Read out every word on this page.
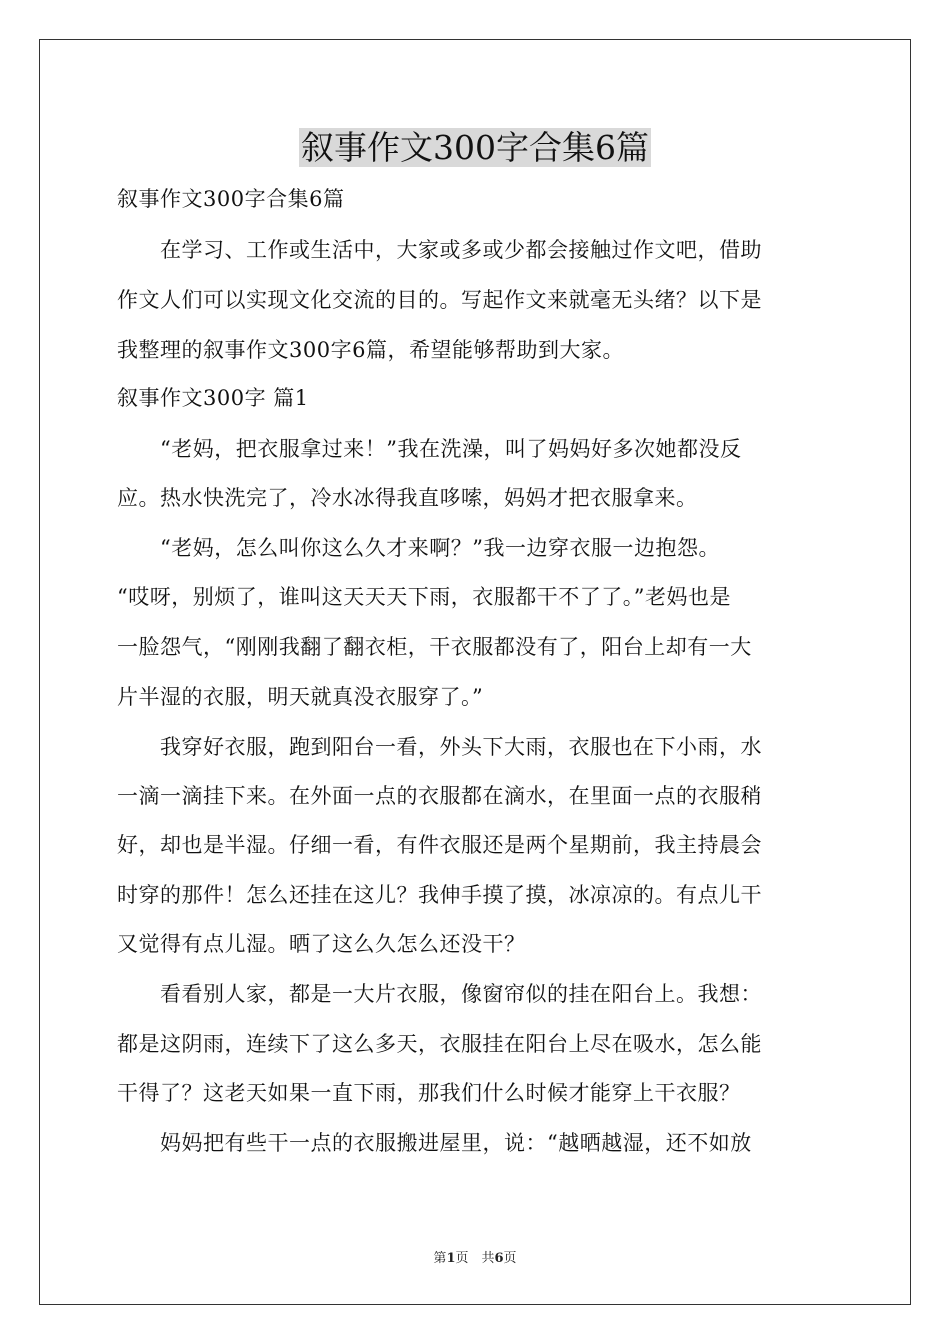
叙事作文300字合集6篇
叙事作文300字合集6篇
　　在学习、工作或生活中，大家或多或少都会接触过作文吧，借助
作文人们可以实现文化交流的目的。写起作文来就毫无头绪？以下是
我整理的叙事作文300字6篇，希望能够帮助到大家。
叙事作文300字 篇1
　　“老妈，把衣服拿过来！”我在洗澡，叫了妈妈好多次她都没反
应。热水快洗完了，冷水冰得我直哆嗦，妈妈才把衣服拿来。
　　“老妈，怎么叫你这么久才来啊？”我一边穿衣服一边抱怨。
“哎呀，别烦了，谁叫这天天天下雨，衣服都干不了了。”老妈也是
一脸怨气，“刚刚我翻了翻衣柜，干衣服都没有了，阳台上却有一大
片半湿的衣服，明天就真没衣服穿了。”
　　我穿好衣服，跑到阳台一看，外头下大雨，衣服也在下小雨，水
一滴一滴挂下来。在外面一点的衣服都在滴水，在里面一点的衣服稍
好，却也是半湿。仔细一看，有件衣服还是两个星期前，我主持晨会
时穿的那件！怎么还挂在这儿？我伸手摸了摸，冰凉凉的。有点儿干
又觉得有点儿湿。晒了这么久怎么还没干？
　　看看别人家，都是一大片衣服，像窗帘似的挂在阳台上。我想：
都是这阴雨，连续下了这么多天，衣服挂在阳台上尽在吸水，怎么能
干得了？这老天如果一直下雨，那我们什么时候才能穿上干衣服？
　　妈妈把有些干一点的衣服搬进屋里，说：“越晒越湿，还不如放
第1页　共6页
